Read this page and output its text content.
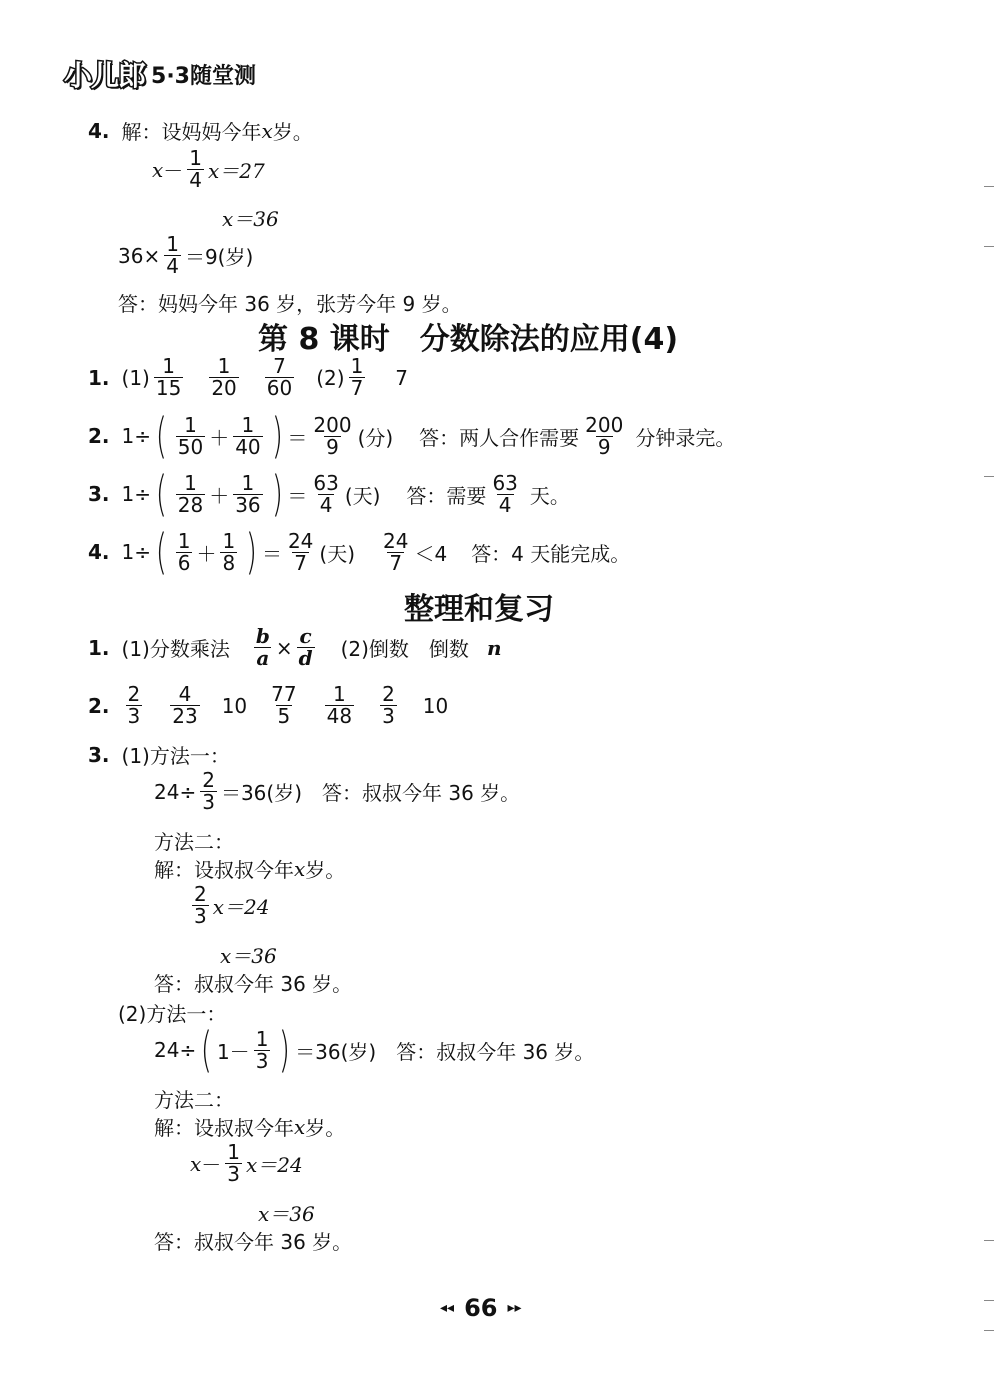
小儿郎 5·3随堂测
4. 解：设妈妈今年 x 岁。
$x - \frac{1}{4} x=27$
x＝36
$36\times \frac{1}{4} =9$(岁)
答：妈妈今年 36 岁，张芳今年 9 岁。
第 8 课时　分数除法的应用(4)
1. $(1) \frac{1}{15} \frac{1}{20} \frac{7}{60} (2) \frac{1}{7} 7$
2. 1÷ ( $\frac{1}{50} + \frac{1}{40}$ ) ＝ $\frac{200}{9}$ (分) 答：两人合作需要 $\frac{200}{9}$ 分钟录完。
3. 1÷ ( $\frac{1}{28} + \frac{1}{36}$ ) ＝ $\frac{63}{4}$ (天) 答：需要 $\frac{63}{4}$ 天。
4. 1÷ ( $\frac{1}{6} + \frac{1}{8}$ ) ＝ $\frac{24}{7}$ (天) $\frac{24}{7} <4$ 答：4 天能完成。
整理和复习
1. (1)分数乘法 $\frac{b}{a} \times \frac{c}{d} (2)$倒数　倒数 n
2. $\frac{2}{3} \frac{4}{23} 10 \frac{77}{5} \frac{1}{48} \frac{2}{3} 10$
3. (1)方法一：
$24\div \frac{2}{3} =36$(岁)　答：叔叔今年 36 岁。
方法二：
解：设叔叔今年 x 岁。
$\frac{2}{3} x=24$
x＝36
答：叔叔今年 36 岁。
(2)方法一：
24÷ ( $1- \frac{1}{3}$ ) ＝36(岁)　答：叔叔今年 36 岁。
方法二：
解：设叔叔今年 x 岁。
$x - \frac{1}{3} x=24$
x＝36
答：叔叔今年 36 岁。
◂◂ 66 ▸▸
